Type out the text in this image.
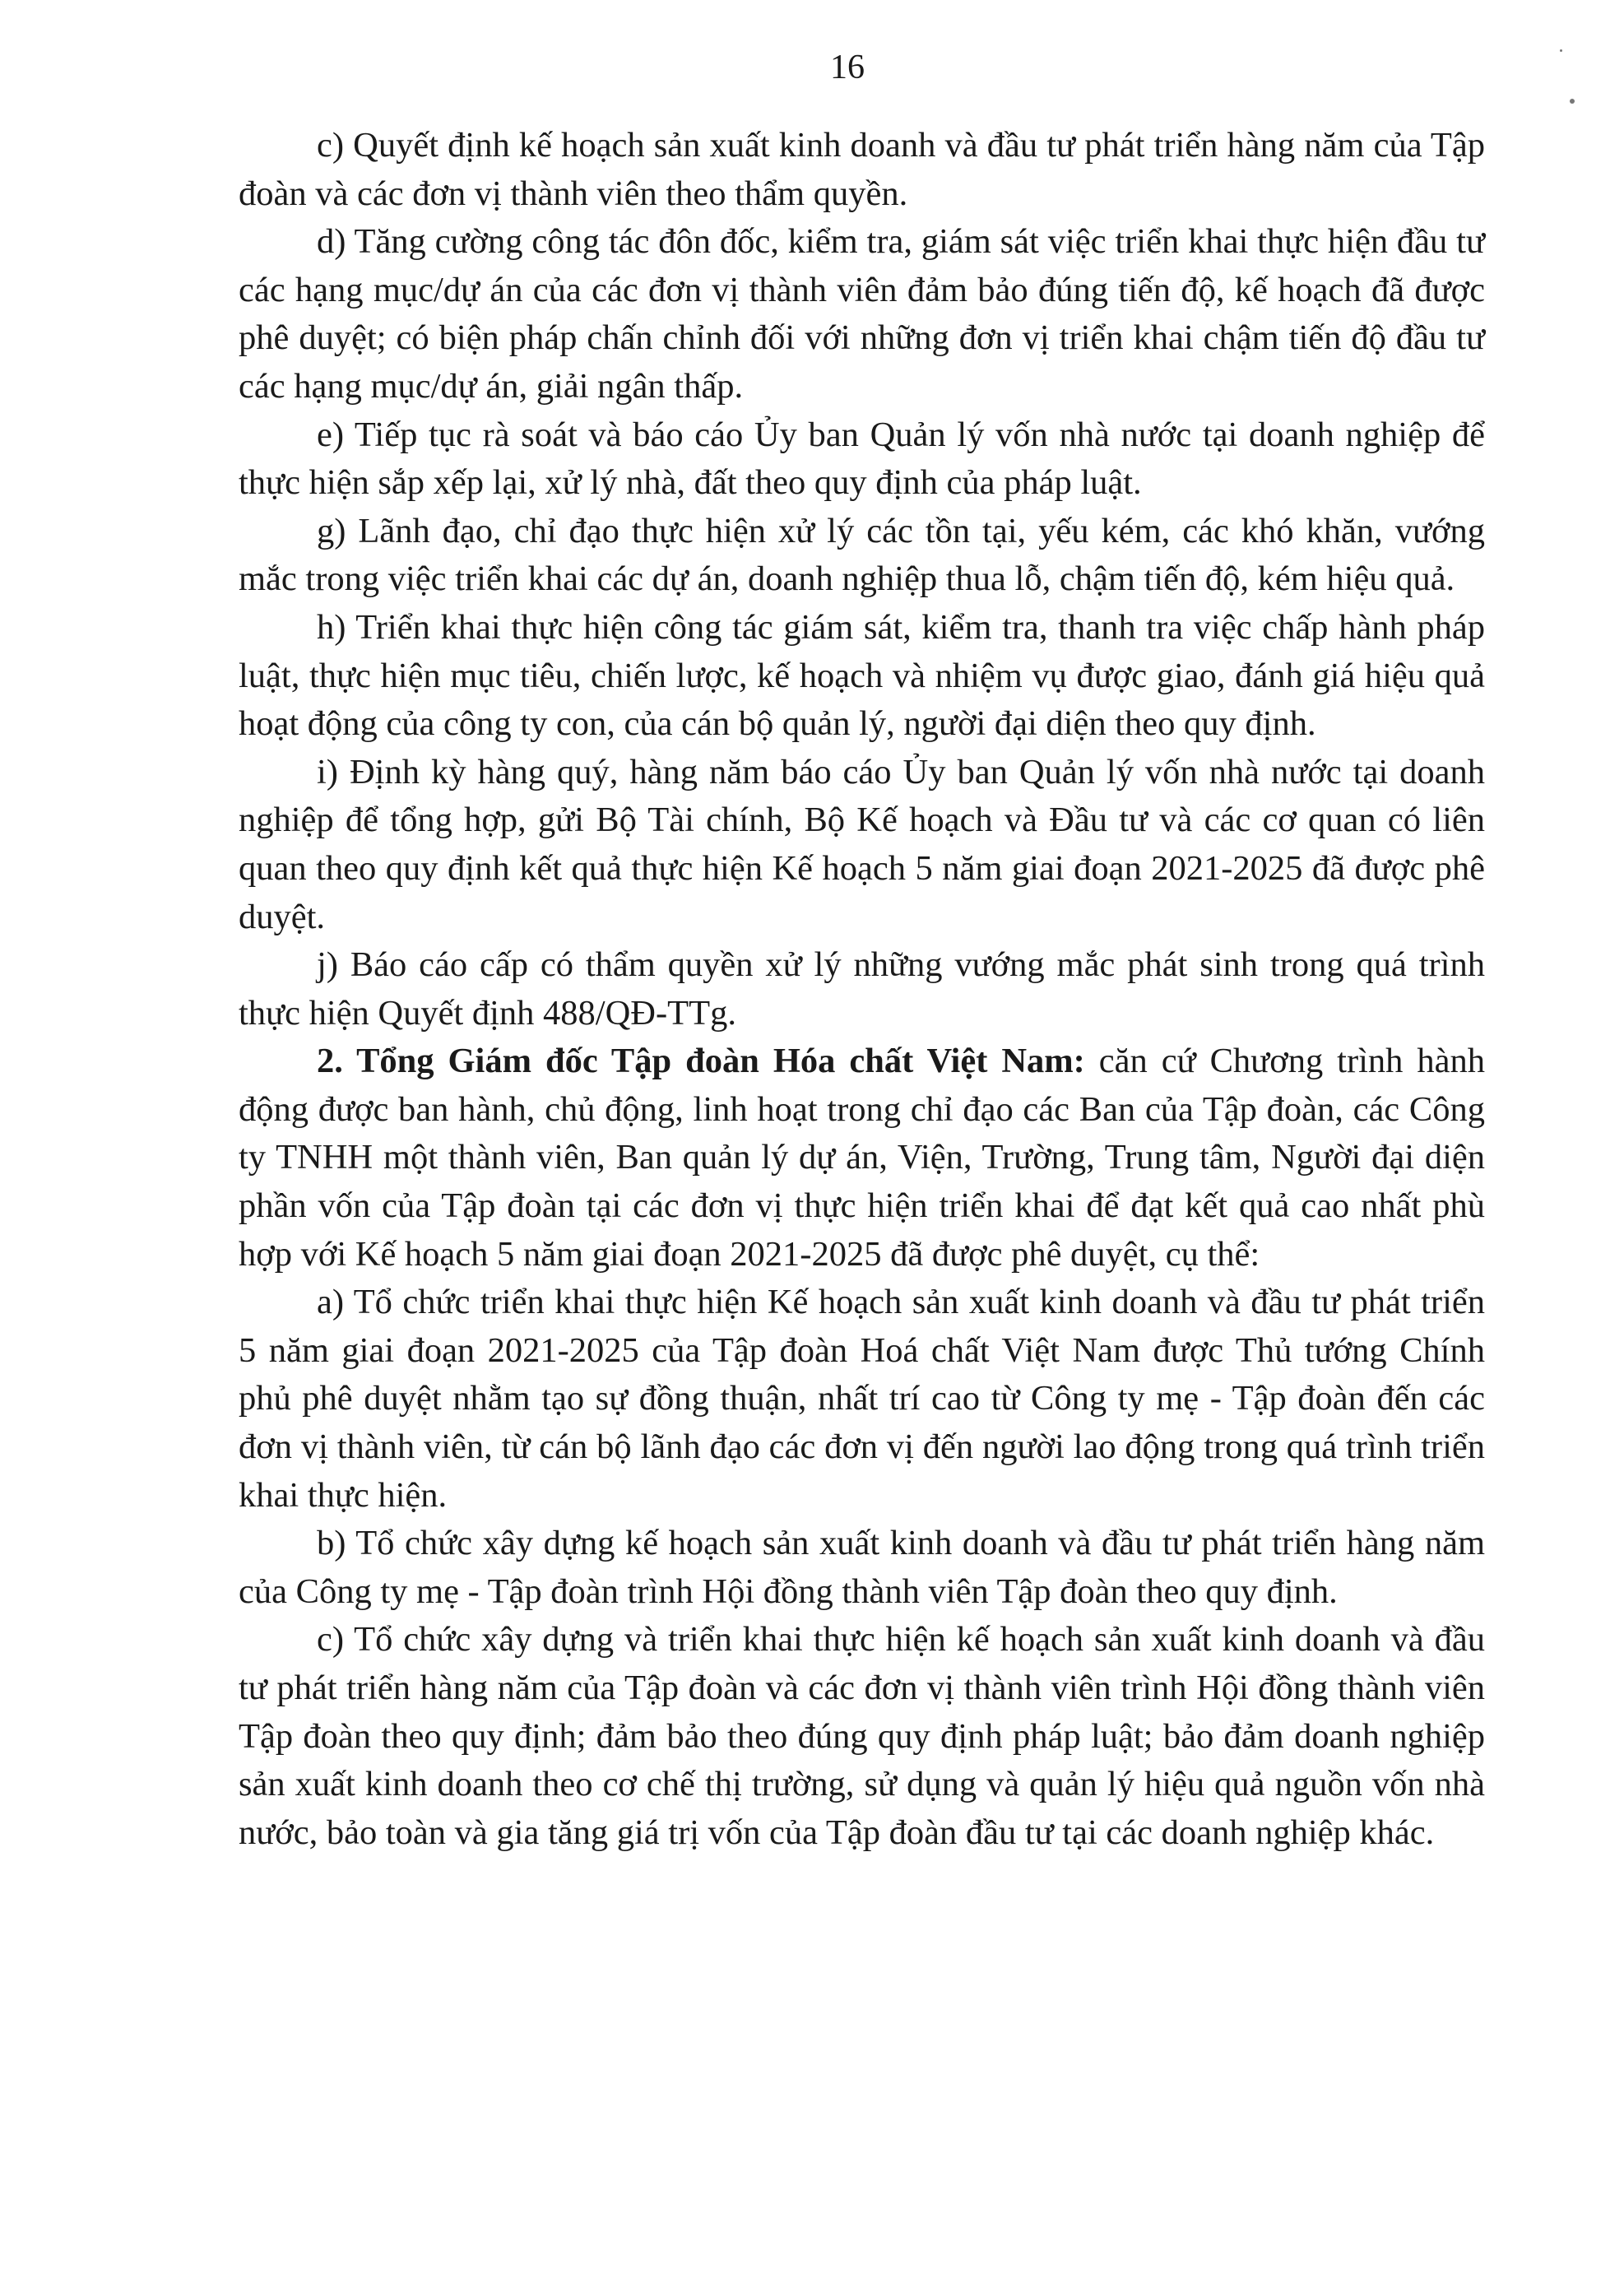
16

c) Quyết định kế hoạch sản xuất kinh doanh và đầu tư phát triển hàng năm của Tập đoàn và các đơn vị thành viên theo thẩm quyền.

d) Tăng cường công tác đôn đốc, kiểm tra, giám sát việc triển khai thực hiện đầu tư các hạng mục/dự án của các đơn vị thành viên đảm bảo đúng tiến độ, kế hoạch đã được phê duyệt; có biện pháp chấn chỉnh đối với những đơn vị triển khai chậm tiến độ đầu tư các hạng mục/dự án, giải ngân thấp.

e) Tiếp tục rà soát và báo cáo Ủy ban Quản lý vốn nhà nước tại doanh nghiệp để thực hiện sắp xếp lại, xử lý nhà, đất theo quy định của pháp luật.

g) Lãnh đạo, chỉ đạo thực hiện xử lý các tồn tại, yếu kém, các khó khăn, vướng mắc trong việc triển khai các dự án, doanh nghiệp thua lỗ, chậm tiến độ, kém hiệu quả.

h) Triển khai thực hiện công tác giám sát, kiểm tra, thanh tra việc chấp hành pháp luật, thực hiện mục tiêu, chiến lược, kế hoạch và nhiệm vụ được giao, đánh giá hiệu quả hoạt động của công ty con, của cán bộ quản lý, người đại diện theo quy định.

i) Định kỳ hàng quý, hàng năm báo cáo Ủy ban Quản lý vốn nhà nước tại doanh nghiệp để tổng hợp, gửi Bộ Tài chính, Bộ Kế hoạch và Đầu tư và các cơ quan có liên quan theo quy định kết quả thực hiện Kế hoạch 5 năm giai đoạn 2021-2025 đã được phê duyệt.

j) Báo cáo cấp có thẩm quyền xử lý những vướng mắc phát sinh trong quá trình thực hiện Quyết định 488/QĐ-TTg.

2. Tổng Giám đốc Tập đoàn Hóa chất Việt Nam: căn cứ Chương trình hành động được ban hành, chủ động, linh hoạt trong chỉ đạo các Ban của Tập đoàn, các Công ty TNHH một thành viên, Ban quản lý dự án, Viện, Trường, Trung tâm, Người đại diện phần vốn của Tập đoàn tại các đơn vị thực hiện triển khai để đạt kết quả cao nhất phù hợp với Kế hoạch 5 năm giai đoạn 2021-2025 đã được phê duyệt, cụ thể:

a) Tổ chức triển khai thực hiện Kế hoạch sản xuất kinh doanh và đầu tư phát triển 5 năm giai đoạn 2021-2025 của Tập đoàn Hoá chất Việt Nam được Thủ tướng Chính phủ phê duyệt nhằm tạo sự đồng thuận, nhất trí cao từ Công ty mẹ - Tập đoàn đến các đơn vị thành viên, từ cán bộ lãnh đạo các đơn vị đến người lao động trong quá trình triển khai thực hiện.

b) Tổ chức xây dựng kế hoạch sản xuất kinh doanh và đầu tư phát triển hàng năm của Công ty mẹ - Tập đoàn trình Hội đồng thành viên Tập đoàn theo quy định.

c) Tổ chức xây dựng và triển khai thực hiện kế hoạch sản xuất kinh doanh và đầu tư phát triển hàng năm của Tập đoàn và các đơn vị thành viên trình Hội đồng thành viên Tập đoàn theo quy định; đảm bảo theo đúng quy định pháp luật; bảo đảm doanh nghiệp sản xuất kinh doanh theo cơ chế thị trường, sử dụng và quản lý hiệu quả nguồn vốn nhà nước, bảo toàn và gia tăng giá trị vốn của Tập đoàn đầu tư tại các doanh nghiệp khác.
